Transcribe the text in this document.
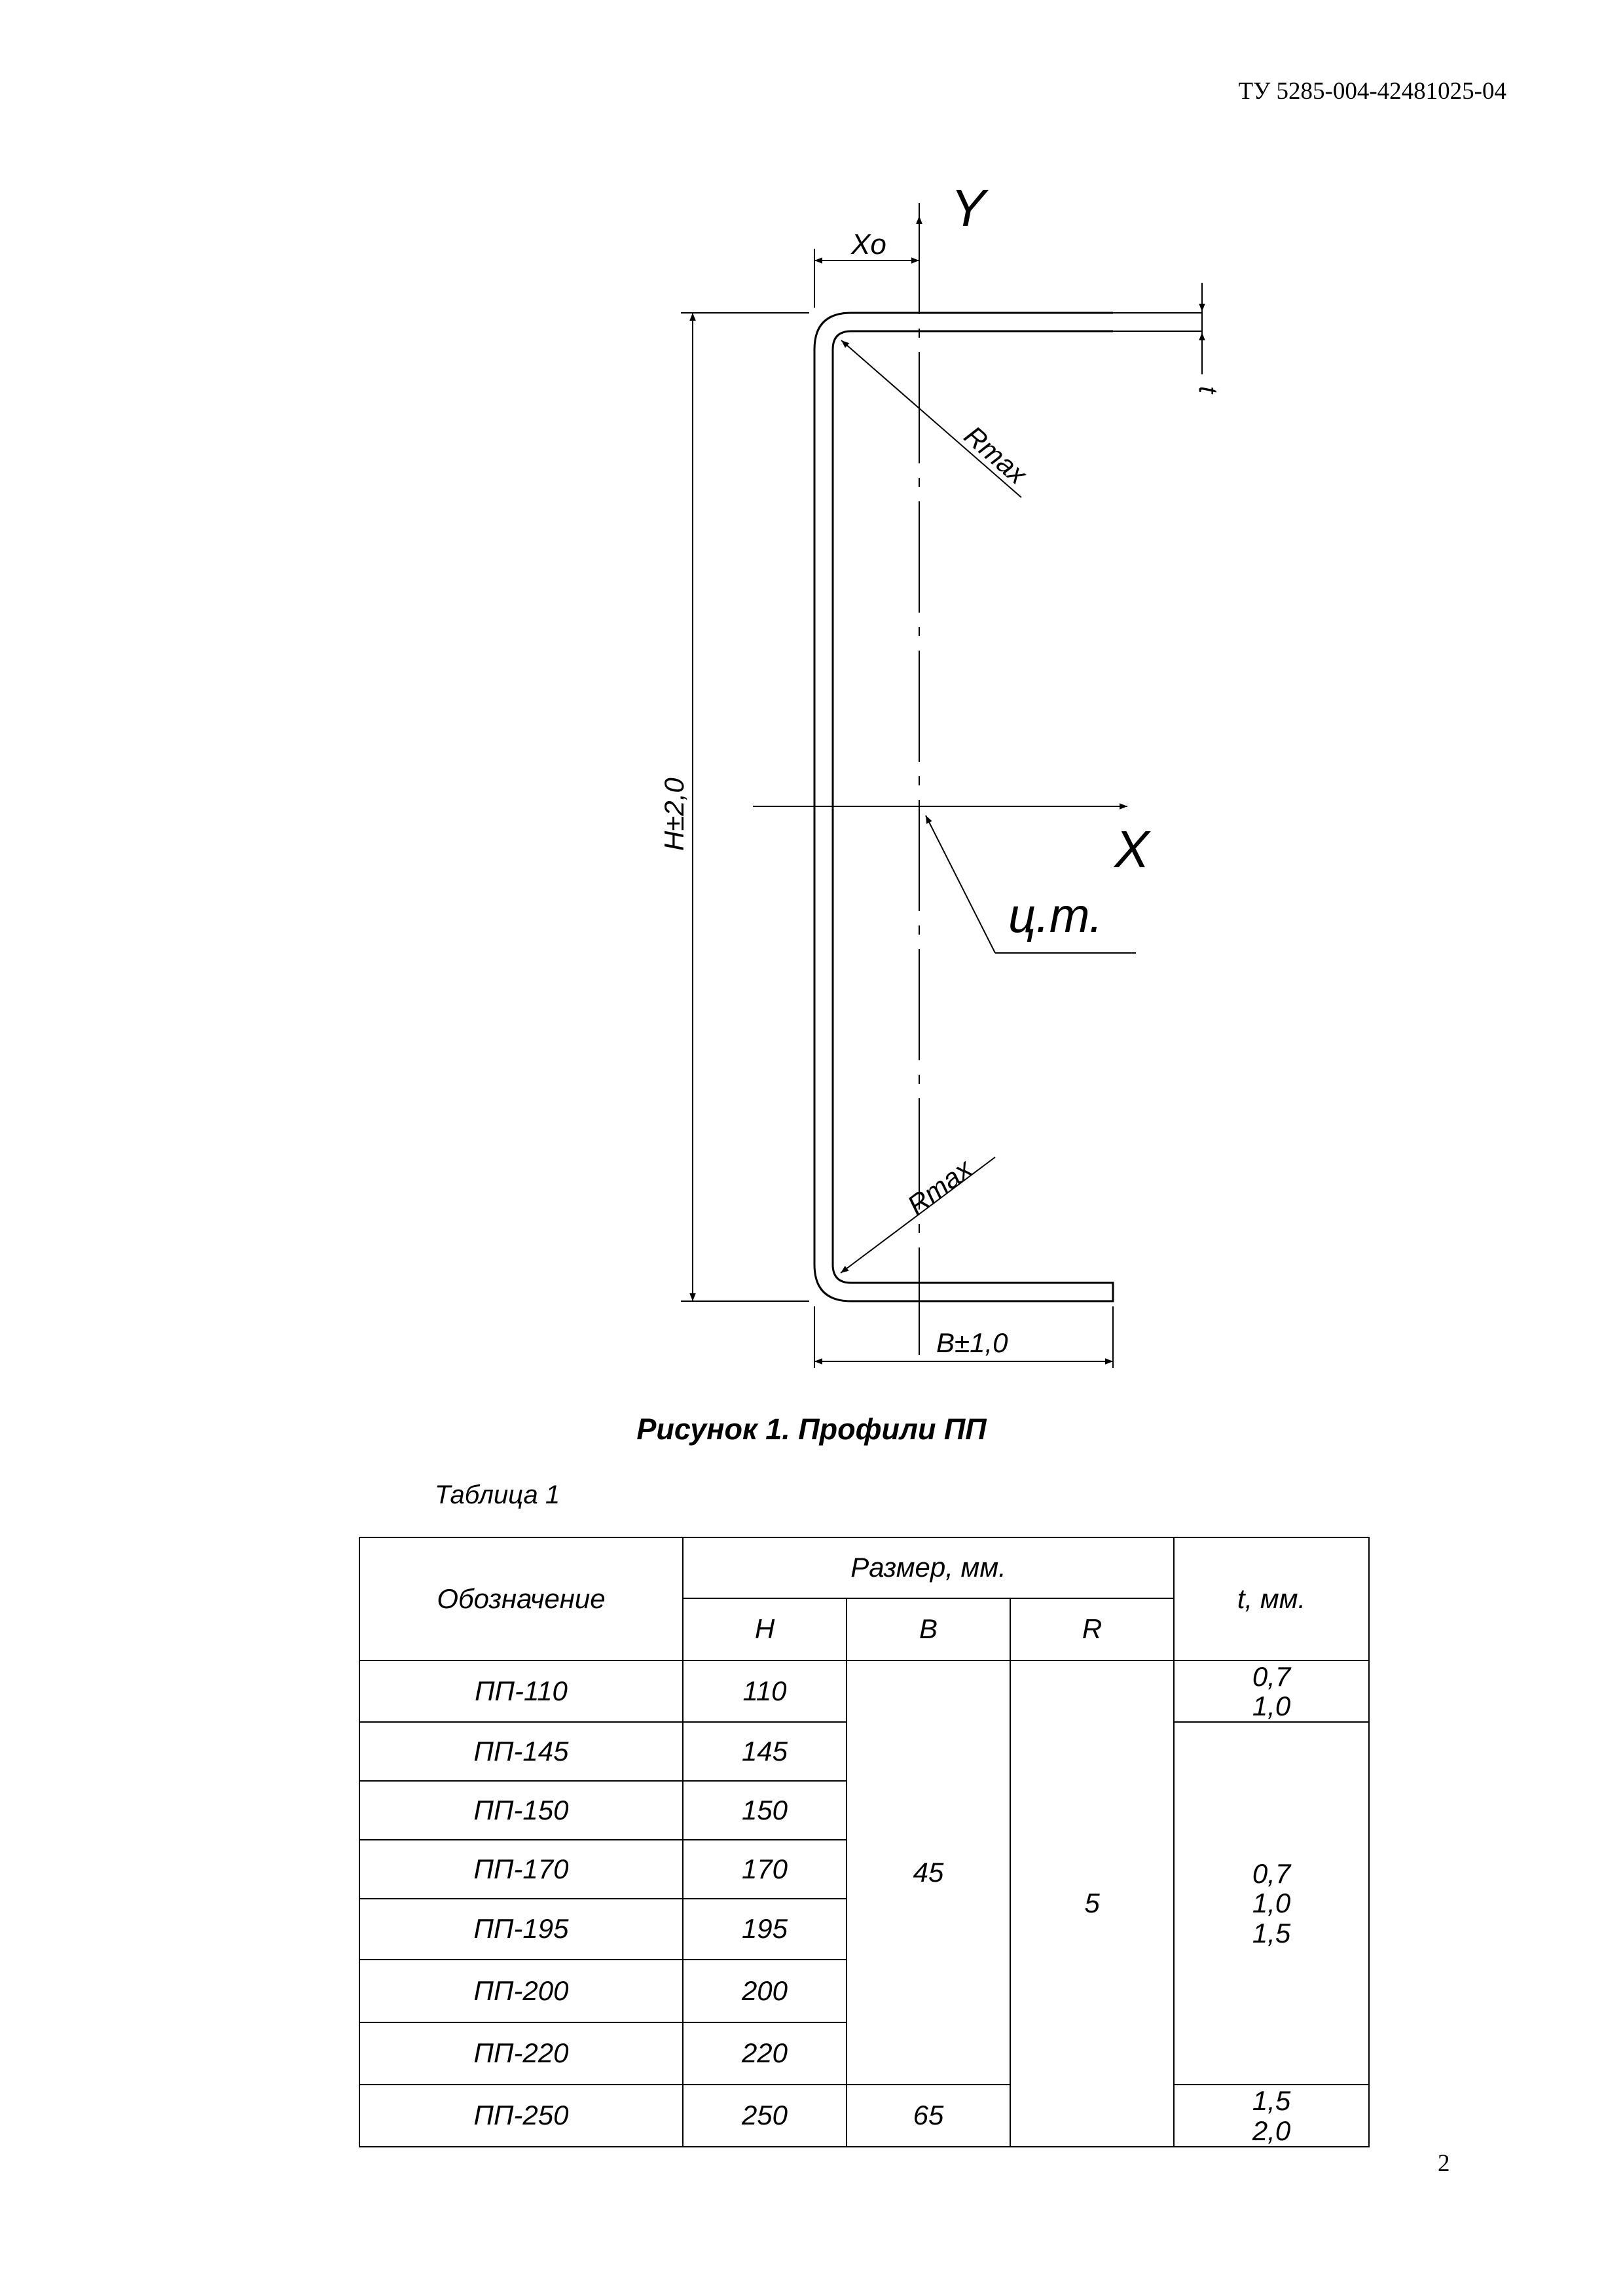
ТУ 5285-004-42481025-04
Y
X
Xo
t
Rmax
Rmax
H±2,0
B±1,0
ц.т.
Рисунок 1. Профили ПП
Таблица 1
Обозначение	Размер, мм.			t, мм.
	H	B	R	
ПП-110	110	45	5	0,7
1,0

ПП-145	145			0,7
1,0
1,5

ПП-150	150			
ПП-170	170			
ПП-195	195			
ПП-200	200			
ПП-220	220			
ПП-250	250	65		1,5
2,0
2
